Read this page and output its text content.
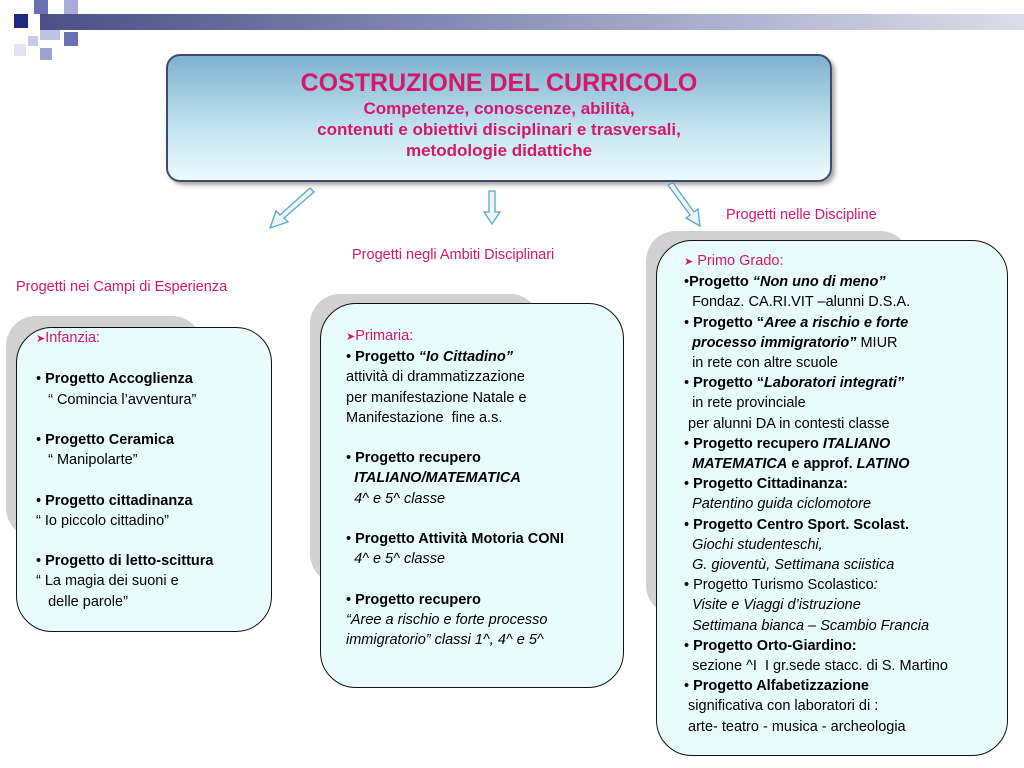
COSTRUZIONE DEL CURRICOLO
Competenze, conoscenze, abilità,
contenuti e obiettivi disciplinari e trasversali,
metodologie didattiche
Progetti nei Campi di Esperienza
Progetti negli Ambiti Disciplinari
Progetti nelle Discipline
➤Infanzia:

• Progetto Accoglienza
“ Comincia l’avventura”

• Progetto Ceramica
“ Manipolarte”

• Progetto cittadinanza
“ Io piccolo cittadino”

• Progetto di letto-scittura
“ La magia dei suoni e
delle parole”
➤Primaria:
• Progetto “Io Cittadino”
attività di drammatizzazione
per manifestazione Natale e
Manifestazione  fine a.s.

• Progetto recupero
ITALIANO/MATEMATICA
4^ e 5^ classe

• Progetto Attività Motoria CONI
4^ e 5^ classe

• Progetto recupero
“Aree a rischio e forte processo
immigratorio” classi 1^, 4^ e 5^
➤ Primo Grado:
•Progetto “Non uno di meno”
Fondaz. CA.RI.VIT –alunni D.S.A.
• Progetto “Aree a rischio e forte
processo immigratorio” MIUR
in rete con altre scuole
• Progetto “Laboratori integrati”
in rete provinciale
per alunni DA in contesti classe
• Progetto recupero ITALIANO
MATEMATICA e approf. LATINO
• Progetto Cittadinanza:
Patentino guida ciclomotore
• Progetto Centro Sport. Scolast.
Giochi studenteschi,
G. gioventù, Settimana sciistica
• Progetto Turismo Scolastico:
Visite e Viaggi d’istruzione
Settimana bianca – Scambio Francia
• Progetto Orto-Giardino:
sezione ^I  I gr.sede stacc. di S. Martino
• Progetto Alfabetizzazione
significativa con laboratori di :
arte- teatro - musica - archeologia
